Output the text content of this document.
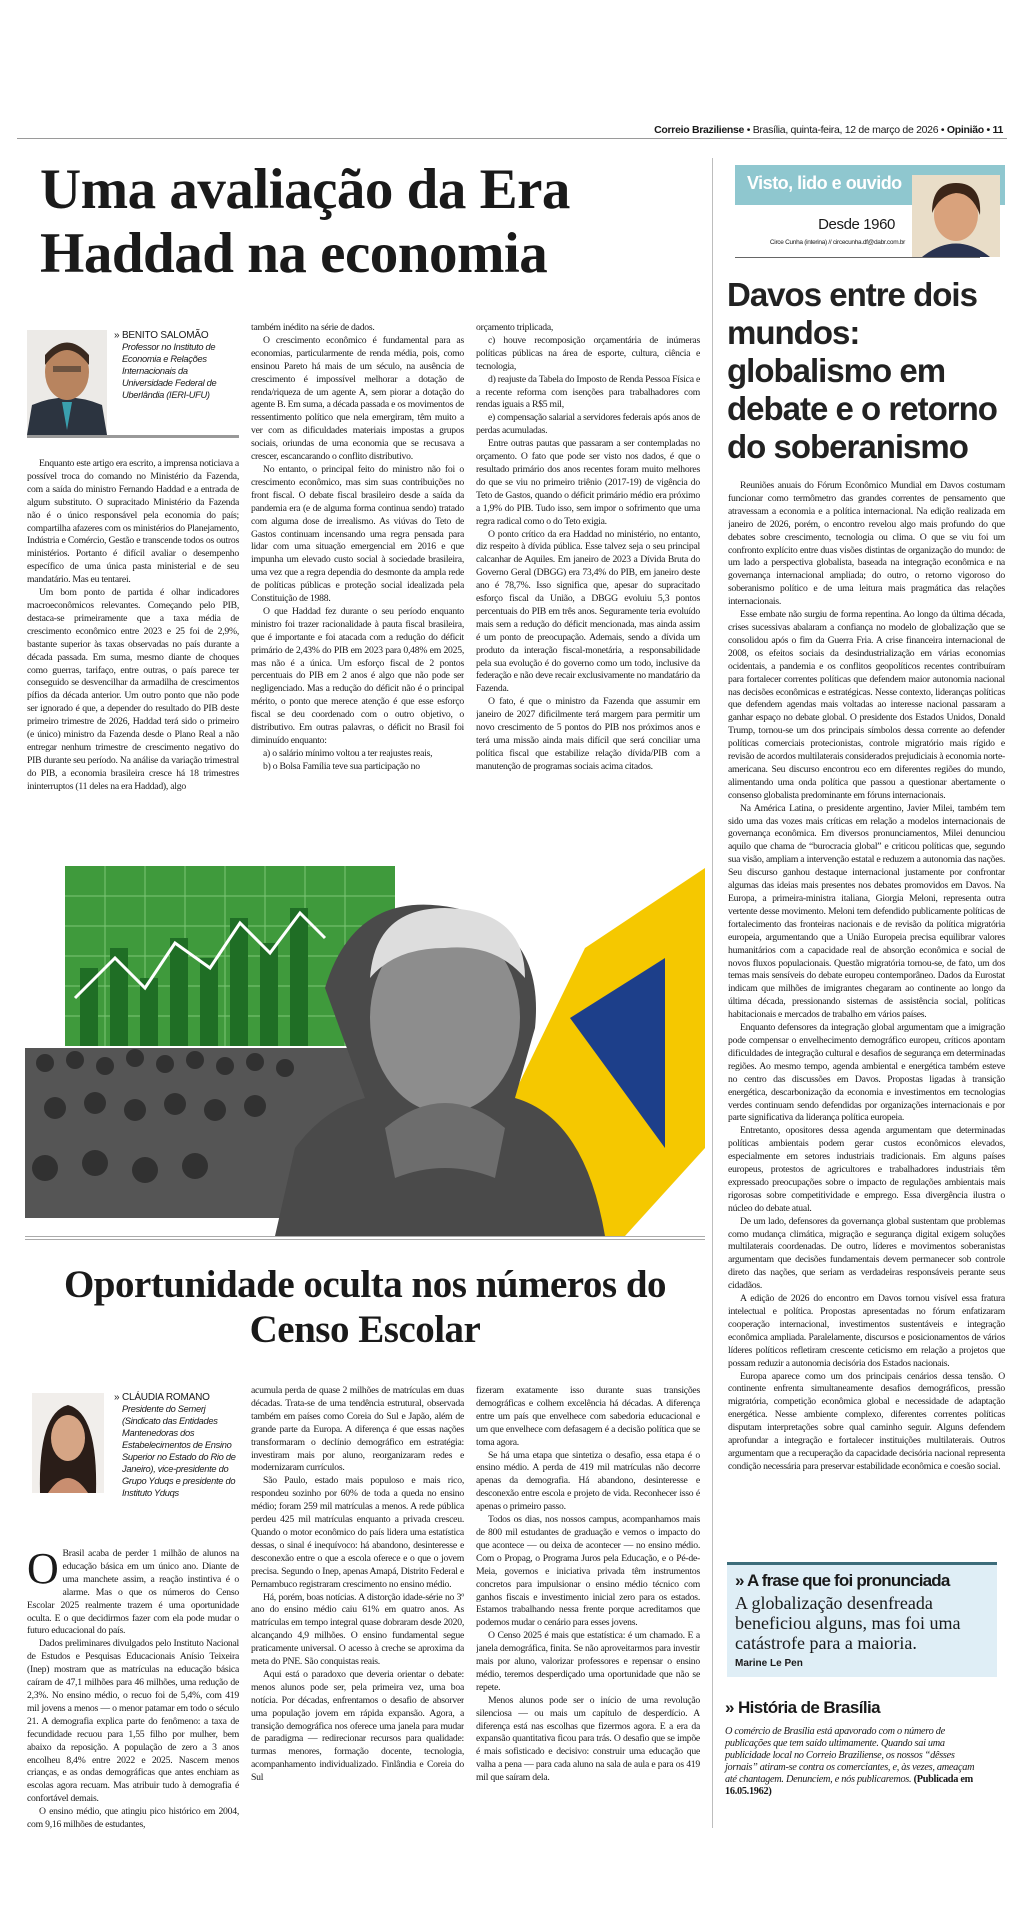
Correio Braziliense • Brasília, quinta-feira, 12 de março de 2026 • Opinião • 11
Uma avaliação da Era Haddad na economia
» BENITO SALOMÃO
Professor no Instituto de Economia e Relações Internacionais da Universidade Federal de Uberlândia (IERI-UFU)

Enquanto este artigo era escrito, a imprensa noticiava a possível troca do comando no Ministério da Fazenda, com a saída do ministro Fernando Haddad e a entrada de algum substituto. O supracitado Ministério da Fazenda não é o único responsável pela economia do país; compartilha afazeres com os ministérios do Planejamento, Indústria e Comércio, Gestão e transcende todos os outros ministérios. Portanto é difícil avaliar o desempenho específico de uma única pasta ministerial e de seu mandatário. Mas eu tentarei.

Um bom ponto de partida é olhar indicadores macroeconômicos relevantes. Começando pelo PIB, destaca-se primeiramente que a taxa média de crescimento econômico entre 2023 e 25 foi de 2,9%, bastante superior às taxas observadas no país durante a década passada. Em suma, mesmo diante de choques como guerras, tarifaço, entre outras, o país parece ter conseguido se desvencilhar da armadilha de crescimentos pífios da década anterior. Um outro ponto que não pode ser ignorado é que, a depender do resultado do PIB deste primeiro trimestre de 2026, Haddad terá sido o primeiro (e único) ministro da Fazenda desde o Plano Real a não entregar nenhum trimestre de crescimento negativo do PIB durante seu período. Na análise da variação trimestral do PIB, a economia brasileira cresce há 18 trimestres ininterruptos (11 deles na era Haddad), algo

também inédito na série de dados.

O crescimento econômico é fundamental para as economias, particularmente de renda média, pois, como ensinou Pareto há mais de um século, na ausência de crescimento é impossível melhorar a dotação de renda/riqueza de um agente A, sem piorar a dotação do agente B. Em suma, a década passada e os movimentos de ressentimento político que nela emergiram, têm muito a ver com as dificuldades materiais impostas a grupos sociais, oriundas de uma economia que se recusava a crescer, escancarando o conflito distributivo.

No entanto, o principal feito do ministro não foi o crescimento econômico, mas sim suas contribuições no front fiscal. O debate fiscal brasileiro desde a saída da pandemia era (e de alguma forma continua sendo) tratado com alguma dose de irrealismo. As viúvas do Teto de Gastos continuam incensando uma regra pensada para lidar com uma situação emergencial em 2016 e que impunha um elevado custo social à sociedade brasileira, uma vez que a regra dependia do desmonte da ampla rede de políticas públicas e proteção social idealizada pela Constituição de 1988.

O que Haddad fez durante o seu período enquanto ministro foi trazer racionalidade à pauta fiscal brasileira, que é importante e foi atacada com a redução do déficit primário de 2,43% do PIB em 2023 para 0,48% em 2025, mas não é a única. Um esforço fiscal de 2 pontos percentuais do PIB em 2 anos é algo que não pode ser negligenciado. Mas a redução do déficit não é o principal mérito, o ponto que merece atenção é que esse esforço fiscal se deu coordenado com o outro objetivo, o distributivo. Em outras palavras, o déficit no Brasil foi diminuído enquanto:

a) o salário mínimo voltou a ter reajustes reais,

b) o Bolsa Família teve sua participação no

orçamento triplicada,

c) houve recomposição orçamentária de inúmeras políticas públicas na área de esporte, cultura, ciência e tecnologia,

d) reajuste da Tabela do Imposto de Renda Pessoa Física e a recente reforma com isenções para trabalhadores com rendas iguais a R$5 mil,

e) compensação salarial a servidores federais após anos de perdas acumuladas.

Entre outras pautas que passaram a ser contempladas no orçamento. O fato que pode ser visto nos dados, é que o resultado primário dos anos recentes foram muito melhores do que se viu no primeiro triênio (2017-19) de vigência do Teto de Gastos, quando o déficit primário médio era próximo a 1,9% do PIB. Tudo isso, sem impor o sofrimento que uma regra radical como o do Teto exigia.

O ponto crítico da era Haddad no ministério, no entanto, diz respeito à dívida pública. Esse talvez seja o seu principal calcanhar de Aquiles. Em janeiro de 2023 a Dívida Bruta do Governo Geral (DBGG) era 73,4% do PIB, em janeiro deste ano é 78,7%. Isso significa que, apesar do supracitado esforço fiscal da União, a DBGG evoluiu 5,3 pontos percentuais do PIB em três anos. Seguramente teria evoluído mais sem a redução do déficit mencionada, mas ainda assim é um ponto de preocupação. Ademais, sendo a dívida um produto da interação fiscal-monetária, a responsabilidade pela sua evolução é do governo como um todo, inclusive da federação e não deve recair exclusivamente no mandatário da Fazenda.

O fato, é que o ministro da Fazenda que assumir em janeiro de 2027 dificilmente terá margem para permitir um novo crescimento de 5 pontos do PIB nos próximos anos e terá uma missão ainda mais difícil que será conciliar uma política fiscal que estabilize relação dívida/PIB com a manutenção de programas sociais acima citados.

Oportunidade oculta nos números do Censo Escolar
» CLÁUDIA ROMANO
Presidente do Semerj (Sindicato das Entidades Mantenedoras dos Estabelecimentos de Ensino Superior no Estado do Rio de Janeiro), vice-presidente do Grupo Yduqs e presidente do Instituto Yduqs

O Brasil acaba de perder 1 milhão de alunos na educação básica em um único ano. Diante de uma manchete assim, a reação instintiva é o alarme. Mas o que os números do Censo Escolar 2025 realmente trazem é uma oportunidade oculta. E o que decidirmos fazer com ela pode mudar o futuro educacional do país.

Dados preliminares divulgados pelo Instituto Nacional de Estudos e Pesquisas Educacionais Anísio Teixeira (Inep) mostram que as matrículas na educação básica caíram de 47,1 milhões para 46 milhões, uma redução de 2,3%. No ensino médio, o recuo foi de 5,4%, com 419 mil jovens a menos — o menor patamar em todo o século 21. A demografia explica parte do fenômeno: a taxa de fecundidade recuou para 1,55 filho por mulher, bem abaixo da reposição. A população de zero a 3 anos encolheu 8,4% entre 2022 e 2025. Nascem menos crianças, e as ondas demográficas que antes enchiam as escolas agora recuam. Mas atribuir tudo à demografia é confortável demais.

O ensino médio, que atingiu pico histórico em 2004, com 9,16 milhões de estudantes,

acumula perda de quase 2 milhões de matrículas em duas décadas. Trata-se de uma tendência estrutural, observada também em países como Coreia do Sul e Japão, além de grande parte da Europa. A diferença é que essas nações transformaram o declínio demográfico em estratégia: investiram mais por aluno, reorganizaram redes e modernizaram currículos.

São Paulo, estado mais populoso e mais rico, respondeu sozinho por 60% de toda a queda no ensino médio; foram 259 mil matrículas a menos. A rede pública perdeu 425 mil matrículas enquanto a privada cresceu. Quando o motor econômico do país lidera uma estatística dessas, o sinal é inequívoco: há abandono, desinteresse e desconexão entre o que a escola oferece e o que o jovem precisa. Segundo o Inep, apenas Amapá, Distrito Federal e Pernambuco registraram crescimento no ensino médio.

Há, porém, boas notícias. A distorção idade-série no 3º ano do ensino médio caiu 61% em quatro anos. As matrículas em tempo integral quase dobraram desde 2020, alcançando 4,9 milhões. O ensino fundamental segue praticamente universal. O acesso à creche se aproxima da meta do PNE. São conquistas reais.

Aqui está o paradoxo que deveria orientar o debate: menos alunos pode ser, pela primeira vez, uma boa notícia. Por décadas, enfrentamos o desafio de absorver uma população jovem em rápida expansão. Agora, a transição demográfica nos oferece uma janela para mudar de paradigma — redirecionar recursos para qualidade: turmas menores, formação docente, tecnologia, acompanhamento individualizado. Finlândia e Coreia do Sul

fizeram exatamente isso durante suas transições demográficas e colhem excelência há décadas. A diferença entre um país que envelhece com sabedoria educacional e um que envelhece com defasagem é a decisão política que se toma agora.

Se há uma etapa que sintetiza o desafio, essa etapa é o ensino médio. A perda de 419 mil matrículas não decorre apenas da demografia. Há abandono, desinteresse e desconexão entre escola e projeto de vida. Reconhecer isso é apenas o primeiro passo.

Todos os dias, nos nossos campus, acompanhamos mais de 800 mil estudantes de graduação e vemos o impacto do que acontece — ou deixa de acontecer — no ensino médio. Com o Propag, o Programa Juros pela Educação, e o Pé-de-Meia, governos e iniciativa privada têm instrumentos concretos para impulsionar o ensino médio técnico com ganhos fiscais e investimento inicial zero para os estados. Estamos trabalhando nessa frente porque acreditamos que podemos mudar o cenário para esses jovens.

O Censo 2025 é mais que estatística: é um chamado. E a janela demográfica, finita. Se não aproveitarmos para investir mais por aluno, valorizar professores e repensar o ensino médio, teremos desperdiçado uma oportunidade que não se repete.

Menos alunos pode ser o início de uma revolução silenciosa — ou mais um capítulo de desperdício. A diferença está nas escolhas que fizermos agora. E a era da expansão quantitativa ficou para trás. O desafio que se impõe é mais sofisticado e decisivo: construir uma educação que valha a pena — para cada aluno na sala de aula e para os 419 mil que saíram dela.

Visto, lido e ouvido
Desde 1960
Circe Cunha (interina) // circecunha.df@dabr.com.br
Davos entre dois mundos: globalismo em debate e o retorno do soberanismo

Reuniões anuais do Fórum Econômico Mundial em Davos costumam funcionar como termômetro das grandes correntes de pensamento que atravessam a economia e a política internacional. Na edição realizada em janeiro de 2026, porém, o encontro revelou algo mais profundo do que debates sobre crescimento, tecnologia ou clima. O que se viu foi um confronto explícito entre duas visões distintas de organização do mundo: de um lado a perspectiva globalista, baseada na integração econômica e na governança internacional ampliada; do outro, o retorno vigoroso do soberanismo político e de uma leitura mais pragmática das relações internacionais.

Esse embate não surgiu de forma repentina. Ao longo da última década, crises sucessivas abalaram a confiança no modelo de globalização que se consolidou após o fim da Guerra Fria. A crise financeira internacional de 2008, os efeitos sociais da desindustrialização em várias economias ocidentais, a pandemia e os conflitos geopolíticos recentes contribuíram para fortalecer correntes políticas que defendem maior autonomia nacional nas decisões econômicas e estratégicas. Nesse contexto, lideranças políticas que defendem agendas mais voltadas ao interesse nacional passaram a ganhar espaço no debate global. O presidente dos Estados Unidos, Donald Trump, tornou-se um dos principais símbolos dessa corrente ao defender políticas comerciais protecionistas, controle migratório mais rígido e revisão de acordos multilaterais considerados prejudiciais à economia norte-americana. Seu discurso encontrou eco em diferentes regiões do mundo, alimentando uma onda política que passou a questionar abertamente o consenso globalista predominante em fóruns internacionais.

Na América Latina, o presidente argentino, Javier Milei, também tem sido uma das vozes mais críticas em relação a modelos internacionais de governança econômica. Em diversos pronunciamentos, Milei denunciou aquilo que chama de “burocracia global” e criticou políticas que, segundo sua visão, ampliam a intervenção estatal e reduzem a autonomia das nações. Seu discurso ganhou destaque internacional justamente por confrontar algumas das ideias mais presentes nos debates promovidos em Davos. Na Europa, a primeira-ministra italiana, Giorgia Meloni, representa outra vertente desse movimento. Meloni tem defendido publicamente políticas de fortalecimento das fronteiras nacionais e de revisão da política migratória europeia, argumentando que a União Europeia precisa equilibrar valores humanitários com a capacidade real de absorção econômica e social de novos fluxos populacionais. Questão migratória tornou-se, de fato, um dos temas mais sensíveis do debate europeu contemporâneo. Dados da Eurostat indicam que milhões de imigrantes chegaram ao continente ao longo da última década, pressionando sistemas de assistência social, políticas habitacionais e mercados de trabalho em vários países.

Enquanto defensores da integração global argumentam que a imigração pode compensar o envelhecimento demográfico europeu, críticos apontam dificuldades de integração cultural e desafios de segurança em determinadas regiões. Ao mesmo tempo, agenda ambiental e energética também esteve no centro das discussões em Davos. Propostas ligadas à transição energética, descarbonização da economia e investimentos em tecnologias verdes continuam sendo defendidas por organizações internacionais e por parte significativa da liderança política europeia.

Entretanto, opositores dessa agenda argumentam que determinadas políticas ambientais podem gerar custos econômicos elevados, especialmente em setores industriais tradicionais. Em alguns países europeus, protestos de agricultores e trabalhadores industriais têm expressado preocupações sobre o impacto de regulações ambientais mais rigorosas sobre competitividade e emprego. Essa divergência ilustra o núcleo do debate atual.

De um lado, defensores da governança global sustentam que problemas como mudança climática, migração e segurança digital exigem soluções multilaterais coordenadas. De outro, líderes e movimentos soberanistas argumentam que decisões fundamentais devem permanecer sob controle direto das nações, que seriam as verdadeiras responsáveis perante seus cidadãos.

A edição de 2026 do encontro em Davos tornou visível essa fratura intelectual e política. Propostas apresentadas no fórum enfatizaram cooperação internacional, investimentos sustentáveis e integração econômica ampliada. Paralelamente, discursos e posicionamentos de vários líderes políticos refletiram crescente ceticismo em relação a projetos que possam reduzir a autonomia decisória dos Estados nacionais.

Europa aparece como um dos principais cenários dessa tensão. O continente enfrenta simultaneamente desafios demográficos, pressão migratória, competição econômica global e necessidade de adaptação energética. Nesse ambiente complexo, diferentes correntes políticas disputam interpretações sobre qual caminho seguir. Alguns defendem aprofundar a integração e fortalecer instituições multilaterais. Outros argumentam que a recuperação da capacidade decisória nacional representa condição necessária para preservar estabilidade econômica e coesão social.

» A frase que foi pronunciada
A globalização desenfreada beneficiou alguns, mas foi uma catástrofe para a maioria.
Marine Le Pen
» História de Brasília

O comércio de Brasília está apavorado com o número de publicações que tem saído ultimamente. Quando sai uma publicidade local no Correio Braziliense, os nossos “dêsses jornais” atiram-se contra os comerciantes, e, às vezes, ameaçam até chantagem. Denunciem, e nós publicaremos. (Publicada em 16.05.1962)
